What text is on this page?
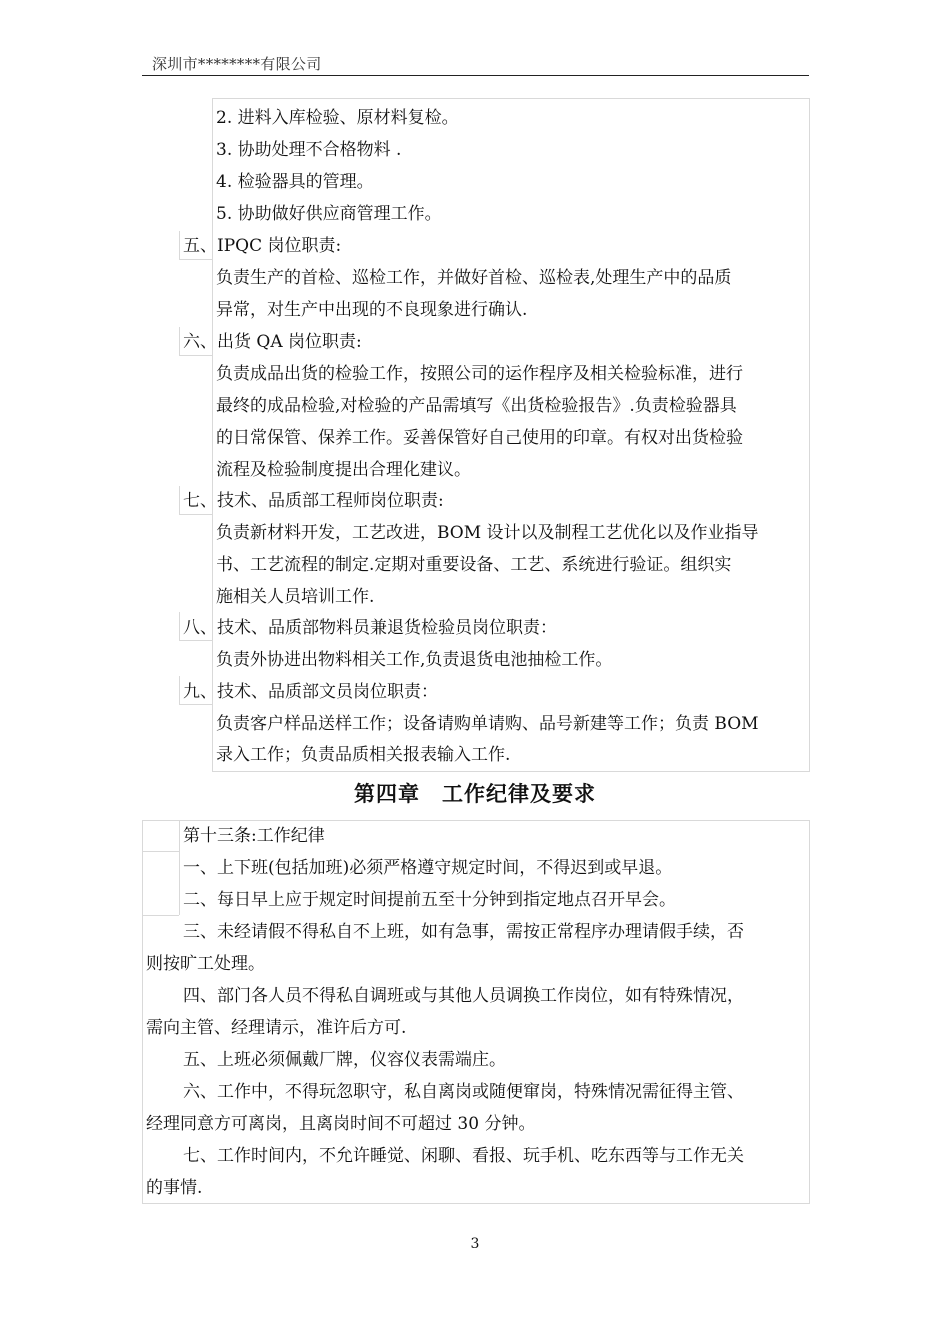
深圳市********有限公司
2. 进料入库检验、原材料复检。
3. 协助处理不合格物料 .
4. 检验器具的管理。
5. 协助做好供应商管理工作。
五、IPQC 岗位职责:
负责生产的首检、巡检工作，并做好首检、巡检表,处理生产中的品质
异常，对生产中出现的不良现象进行确认.
六、出货 QA 岗位职责:
负责成品出货的检验工作，按照公司的运作程序及相关检验标准，进行
最终的成品检验,对检验的产品需填写《出货检验报告》.负责检验器具
的日常保管、保养工作。妥善保管好自己使用的印章。有权对出货检验
流程及检验制度提出合理化建议。
七、技术、品质部工程师岗位职责:
负责新材料开发，工艺改进，BOM 设计以及制程工艺优化以及作业指导
书、工艺流程的制定.定期对重要设备、工艺、系统进行验证。组织实
施相关人员培训工作.
八、技术、品质部物料员兼退货检验员岗位职责：
负责外协进出物料相关工作,负责退货电池抽检工作。
九、技术、品质部文员岗位职责：
负责客户样品送样工作；设备请购单请购、品号新建等工作；负责 BOM
录入工作；负责品质相关报表输入工作.
第四章　工作纪律及要求
第十三条:工作纪律
一、上下班(包括加班)必须严格遵守规定时间，不得迟到或早退。
二、每日早上应于规定时间提前五至十分钟到指定地点召开早会。
三、未经请假不得私自不上班，如有急事，需按正常程序办理请假手续，否
则按旷工处理。
四、部门各人员不得私自调班或与其他人员调换工作岗位，如有特殊情况，
需向主管、经理请示，准许后方可.
五、上班必须佩戴厂牌，仪容仪表需端庄。
六、工作中，不得玩忽职守，私自离岗或随便窜岗，特殊情况需征得主管、
经理同意方可离岗，且离岗时间不可超过 30 分钟。
七、工作时间内，不允许睡觉、闲聊、看报、玩手机、吃东西等与工作无关
的事情.
3
